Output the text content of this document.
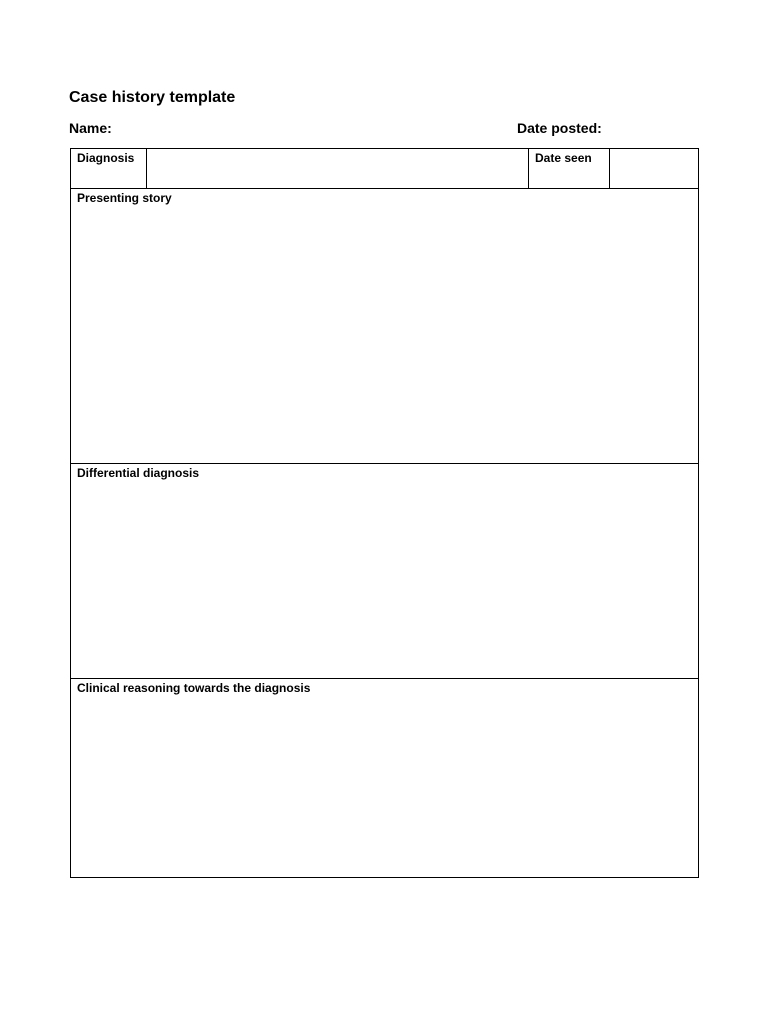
Case history template
Name:	Date posted:
Diagnosis	Date seen
Presenting story
Differential diagnosis
Clinical reasoning towards the diagnosis
